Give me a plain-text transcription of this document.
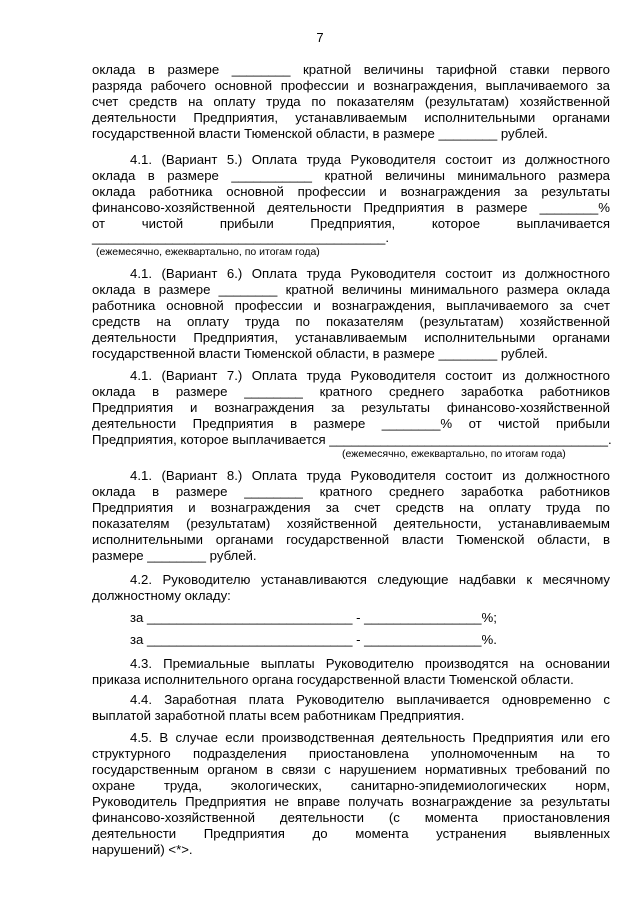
7
оклада в размере ________ кратной величины тарифной ставки первого
разряда рабочего основной профессии и вознаграждения, выплачиваемого за
счет средств на оплату труда по показателям (результатам) хозяйственной
деятельности Предприятия, устанавливаемым исполнительными органами
государственной власти Тюменской области, в размере ________ рублей.
4.1. (Вариант 5.) Оплата труда Руководителя состоит из должностного
оклада в размере ___________ кратной величины минимального размера
оклада работника основной профессии и вознаграждения за результаты
финансово-хозяйственной деятельности Предприятия в размере ________%
от чистой прибыли Предприятия, которое выплачивается
________________________________________.
(ежемесячно, ежеквартально, по итогам года)
4.1. (Вариант 6.) Оплата труда Руководителя состоит из должностного
оклада в размере ________ кратной величины минимального размера оклада
работника основной профессии и вознаграждения, выплачиваемого за счет
средств на оплату труда по показателям (результатам) хозяйственной
деятельности Предприятия, устанавливаемым исполнительными органами
государственной власти Тюменской области, в размере ________ рублей.
4.1. (Вариант 7.) Оплата труда Руководителя состоит из должностного
оклада в размере ________ кратного среднего заработка работников
Предприятия и вознаграждения за результаты финансово-хозяйственной
деятельности Предприятия в размере ________% от чистой прибыли
Предприятия, которое выплачивается ______________________________________.
(ежемесячно, ежеквартально, по итогам года)
4.1. (Вариант 8.) Оплата труда Руководителя состоит из должностного
оклада в размере ________ кратного среднего заработка работников
Предприятия и вознаграждения за счет средств на оплату труда по
показателям (результатам) хозяйственной деятельности, устанавливаемым
исполнительными органами государственной власти Тюменской области, в
размере ________ рублей.
4.2. Руководителю устанавливаются следующие надбавки к месячному
должностному окладу:
за ____________________________ - ________________%;
за ____________________________ - ________________%.
4.3. Премиальные выплаты Руководителю производятся на основании
приказа исполнительного органа государственной власти Тюменской области.
4.4. Заработная плата Руководителю выплачивается одновременно с
выплатой заработной платы всем работникам Предприятия.
4.5. В случае если производственная деятельность Предприятия или его
структурного подразделения приостановлена уполномоченным на то
государственным органом в связи с нарушением нормативных требований по
охране труда, экологических, санитарно-эпидемиологических норм,
Руководитель Предприятия не вправе получать вознаграждение за результаты
финансово-хозяйственной деятельности (с момента приостановления
деятельности Предприятия до момента устранения выявленных
нарушений) <*>.
